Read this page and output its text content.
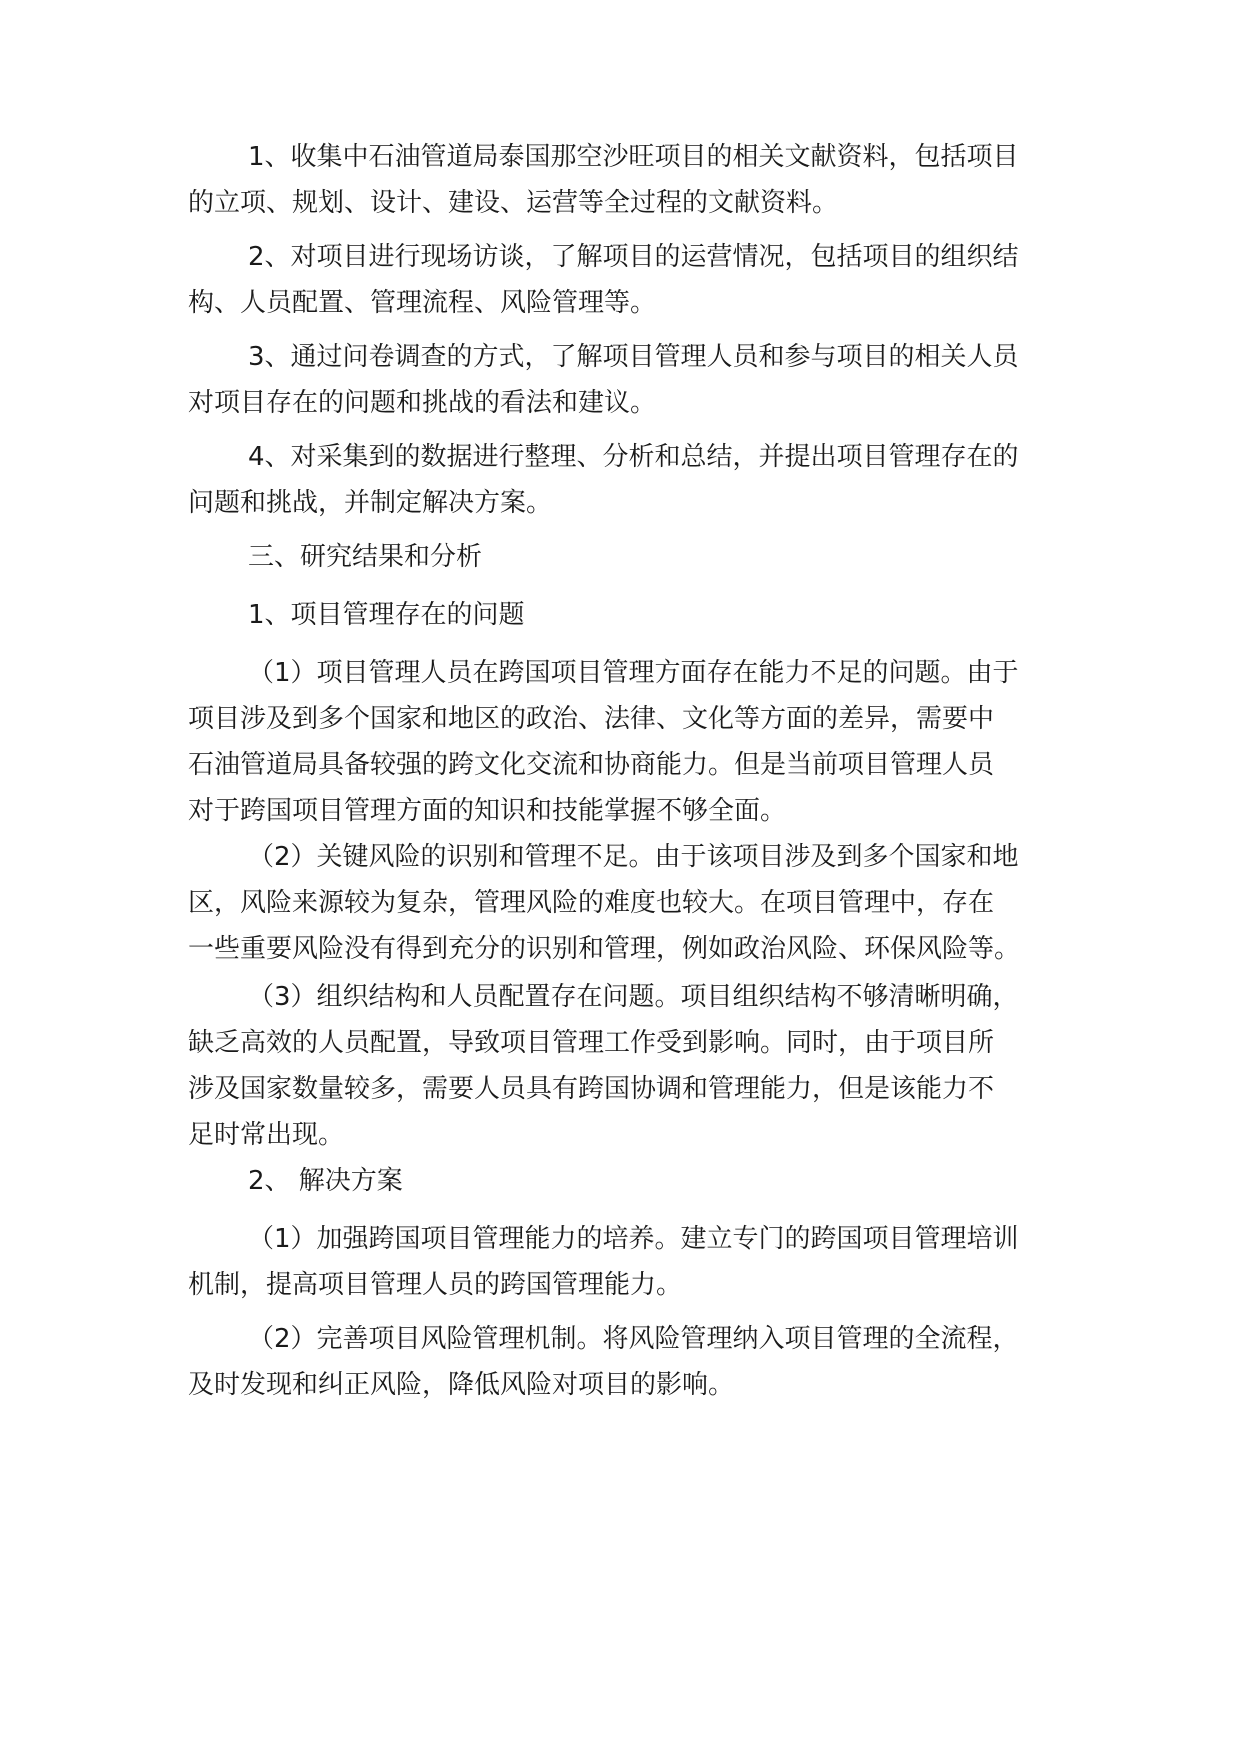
1、收集中石油管道局泰国那空沙旺项目的相关文献资料，包括项目
的立项、规划、设计、建设、运营等全过程的文献资料。

2、对项目进行现场访谈，了解项目的运营情况，包括项目的组织结
构、人员配置、管理流程、风险管理等。

3、通过问卷调查的方式，了解项目管理人员和参与项目的相关人员
对项目存在的问题和挑战的看法和建议。

4、对采集到的数据进行整理、分析和总结，并提出项目管理存在的
问题和挑战，并制定解决方案。

三、研究结果和分析

1、项目管理存在的问题

（1）项目管理人员在跨国项目管理方面存在能力不足的问题。由于
项目涉及到多个国家和地区的政治、法律、文化等方面的差异，需要中
石油管道局具备较强的跨文化交流和协商能力。但是当前项目管理人员
对于跨国项目管理方面的知识和技能掌握不够全面。

（2）关键风险的识别和管理不足。由于该项目涉及到多个国家和地
区，风险来源较为复杂，管理风险的难度也较大。在项目管理中，存在
一些重要风险没有得到充分的识别和管理，例如政治风险、环保风险等。

（3）组织结构和人员配置存在问题。项目组织结构不够清晰明确，
缺乏高效的人员配置，导致项目管理工作受到影响。同时，由于项目所
涉及国家数量较多，需要人员具有跨国协调和管理能力，但是该能力不
足时常出现。

2、 解决方案

（1）加强跨国项目管理能力的培养。建立专门的跨国项目管理培训
机制，提高项目管理人员的跨国管理能力。

（2）完善项目风险管理机制。将风险管理纳入项目管理的全流程，
及时发现和纠正风险，降低风险对项目的影响。
